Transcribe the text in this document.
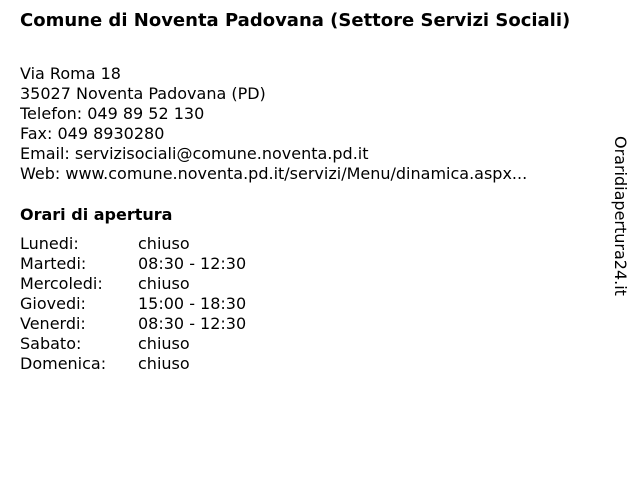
Comune di Noventa Padovana (Settore Servizi Sociali)
Via Roma 18
35027 Noventa Padovana (PD)
Telefon: 049 89 52 130
Fax: 049 8930280
Email: servizisociali@comune.noventa.pd.it
Web: www.comune.noventa.pd.it/servizi/Menu/dinamica.aspx...
Orari di apertura
Lunedi:	chiuso
Martedi:	08:30 - 12:30
Mercoledi:	chiuso
Giovedi:	15:00 - 18:30
Venerdi:	08:30 - 12:30
Sabato:	chiuso
Domenica:	chiuso
Oraridiapertura24.it
